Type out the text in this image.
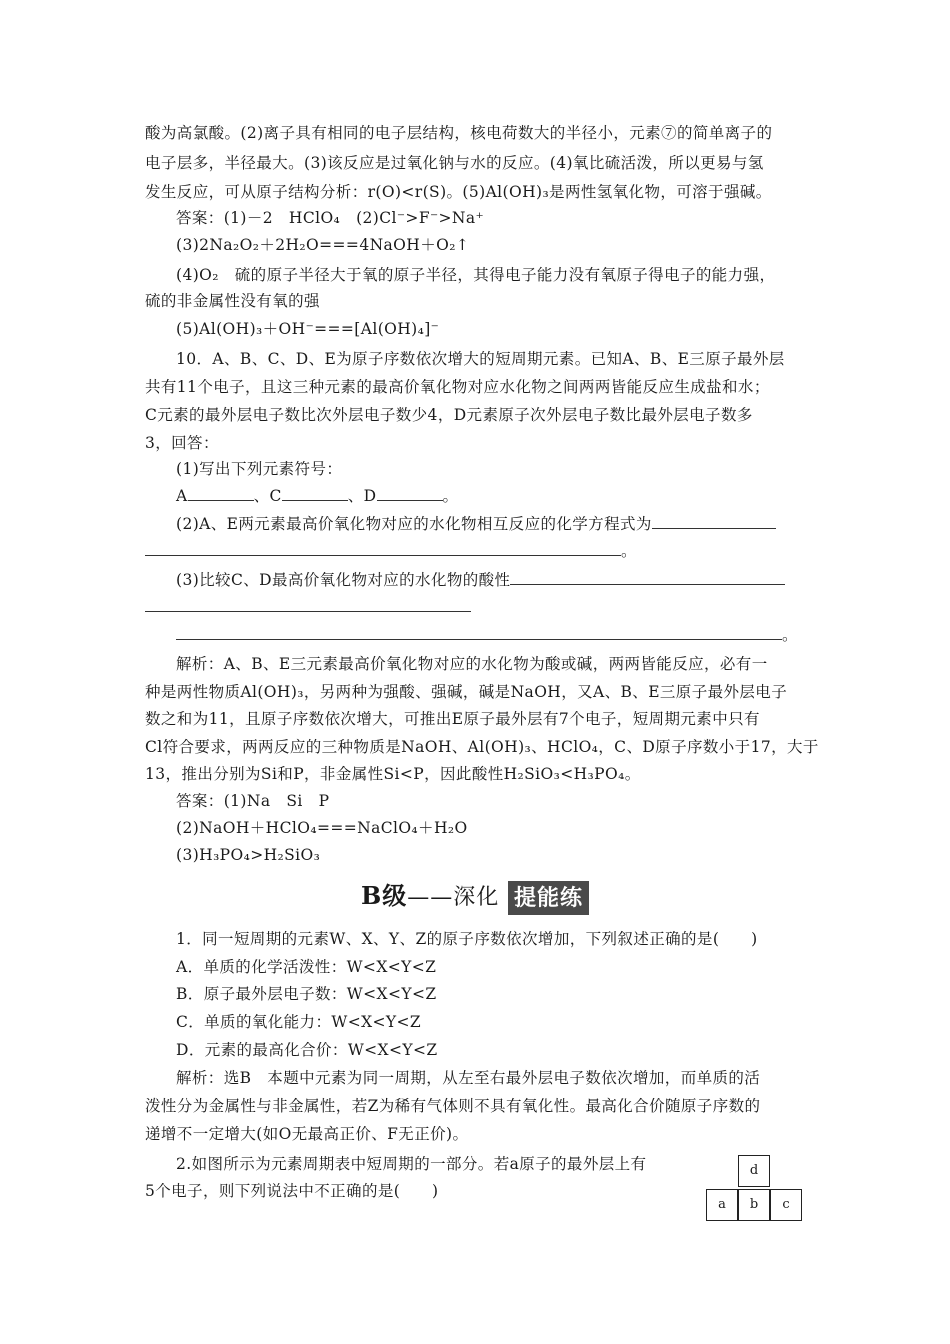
酸为高氯酸。(2)离子具有相同的电子层结构，核电荷数大的半径小，元素⑦的简单离子的
电子层多，半径最大。(3)该反应是过氧化钠与水的反应。(4)氧比硫活泼，所以更易与氢
发生反应，可从原子结构分析：r(O)<r(S)。(5)Al(OH)₃是两性氢氧化物，可溶于强碱。
答案：(1)－2　HClO₄　(2)Cl⁻>F⁻>Na⁺
(3)2Na₂O₂＋2H₂O===4NaOH＋O₂↑
(4)O₂　硫的原子半径大于氧的原子半径，其得电子能力没有氧原子得电子的能力强，
硫的非金属性没有氧的强
(5)Al(OH)₃＋OH⁻===[Al(OH)₄]⁻
10．A、B、C、D、E为原子序数依次增大的短周期元素。已知A、B、E三原子最外层
共有11个电子，且这三种元素的最高价氧化物对应水化物之间两两皆能反应生成盐和水；
C元素的最外层电子数比次外层电子数少4，D元素原子次外层电子数比最外层电子数多
3，回答：
(1)写出下列元素符号：
A	、C	、D	。
(2)A、E两元素最高价氧化物对应的水化物相互反应的化学方程式为
。
(3)比较C、D最高价氧化物对应的水化物的酸性
。
解析：A、B、E三元素最高价氧化物对应的水化物为酸或碱，两两皆能反应，必有一
种是两性物质Al(OH)₃，另两种为强酸、强碱，碱是NaOH，又A、B、E三原子最外层电子
数之和为11，且原子序数依次增大，可推出E原子最外层有7个电子，短周期元素中只有
Cl符合要求，两两反应的三种物质是NaOH、Al(OH)₃、HClO₄，C、D原子序数小于17，大于
13，推出分别为Si和P，非金属性Si<P，因此酸性H₂SiO₃<H₃PO₄。
答案：(1)Na　Si　P
(2)NaOH＋HClO₄===NaClO₄＋H₂O
(3)H₃PO₄>H₂SiO₃
B级——深化 提能练
1．同一短周期的元素W、X、Y、Z的原子序数依次增加，下列叙述正确的是(　　)
A．单质的化学活泼性：W<X<Y<Z
B．原子最外层电子数：W<X<Y<Z
C．单质的氧化能力：W<X<Y<Z
D．元素的最高化合价：W<X<Y<Z
解析：选B　本题中元素为同一周期，从左至右最外层电子数依次增加，而单质的活
泼性分为金属性与非金属性，若Z为稀有气体则不具有氧化性。最高化合价随原子序数的
递增不一定增大(如O无最高正价、F无正价)。
2.如图所示为元素周期表中短周期的一部分。若a原子的最外层上有
5个电子，则下列说法中不正确的是(　　)
d
a	b	c
